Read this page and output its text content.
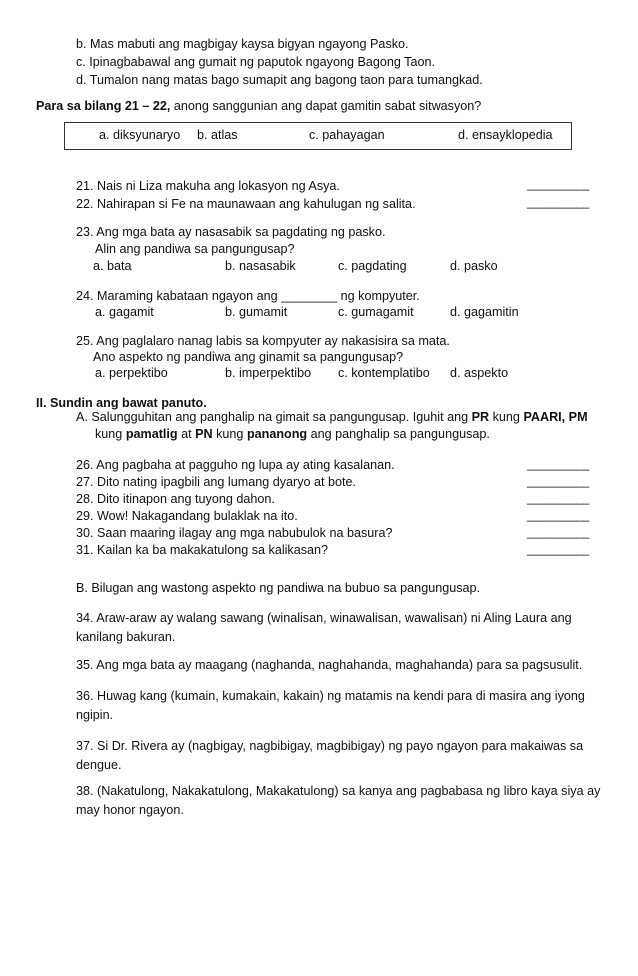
b. Mas mabuti ang magbigay kaysa bigyan ngayong Pasko.
c. Ipinagbabawal ang gumait ng paputok ngayong Bagong Taon.
d. Tumalon nang matas bago sumapit ang bagong taon para tumangkad.
Para sa bilang 21 – 22, anong sanggunian ang dapat gamitin sabat sitwasyon?
a. diksyunaryo b. atlas	c. pahayagan	d. ensayklopedia
21. Nais ni Liza makuha ang lokasyon ng Asya.	__________
22. Nahirapan si Fe na maunawaan ang kahulugan ng salita.	__________
23. Ang mga bata ay nasasabik sa pagdating ng pasko.
Alin ang pandiwa sa pangungusap?
a. bata	b. nasasabik	c. pagdating	d. pasko
24. Maraming kabataan ngayon ang ________ ng kompyuter.
a. gagamit	b. gumamit	c. gumagamit	d. gagamitin
25. Ang paglalaro nanag labis sa kompyuter ay nakasisira sa mata.
Ano aspekto ng pandiwa ang ginamit sa pangungusap?
a. perpektibo	b. imperpektibo c. kontemplatibo d. aspekto
II. Sundin ang bawat panuto.
A. Salungguhitan ang panghalip na gimait sa pangungusap. Iguhit ang PR kung PAARI, PM
kung pamatlig at PN kung pananong ang panghalip sa pangungusap.
26. Ang pagbaha at pagguho ng lupa ay ating kasalanan.	__________
27. Dito nating ipagbili ang lumang dyaryo at bote.	__________
28. Dito itinapon ang tuyong dahon.	__________
29. Wow! Nakagandang bulaklak na ito.	__________
30. Saan maaring ilagay ang mga nabubulok na basura?	__________
31. Kailan ka ba makakatulong sa kalikasan?	__________
B. Bilugan ang wastong aspekto ng pandiwa na bubuo sa pangungusap.
34. Araw-araw ay walang sawang (winalisan, winawalisan, wawalisan) ni Aling Laura ang kanilang bakuran.
35. Ang mga bata ay maagang (naghanda, naghahanda, maghahanda) para sa pagsusulit.
36. Huwag kang (kumain, kumakain, kakain) ng matamis na kendi para di masira ang iyong ngipin.
37. Si Dr. Rivera ay (nagbigay, nagbibigay, magbibigay) ng payo ngayon para makaiwas sa dengue.
38. (Nakatulong, Nakakatulong, Makakatulong) sa kanya ang pagbabasa ng libro kaya siya ay may honor ngayon.
